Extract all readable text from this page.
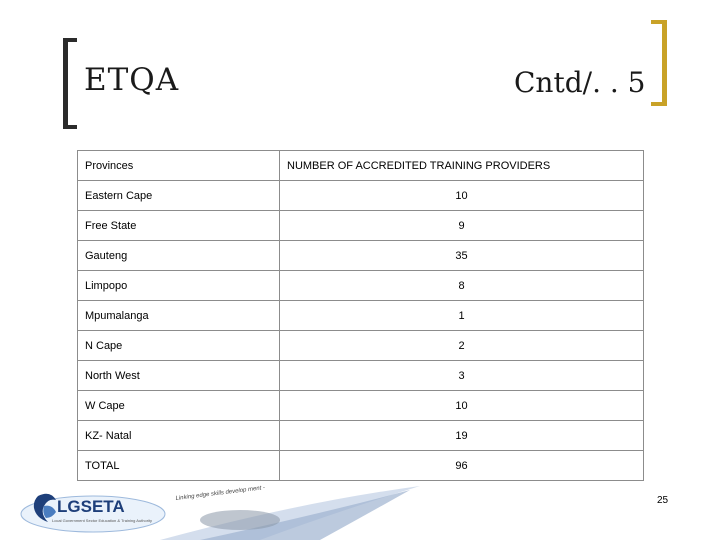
ETQA	Cntd/. . 5
Provinces	NUMBER OF ACCREDITED TRAINING PROVIDERS
Eastern Cape	10
Free State	9
Gauteng	35
Limpopo	8
Mpumalanga	1
N Cape	2
North West	3
W Cape	10
KZ- Natal	19
TOTAL	96
LGSETA
Local Government Sector Education & Training Authority
Linking edge skills develop ment -	25
